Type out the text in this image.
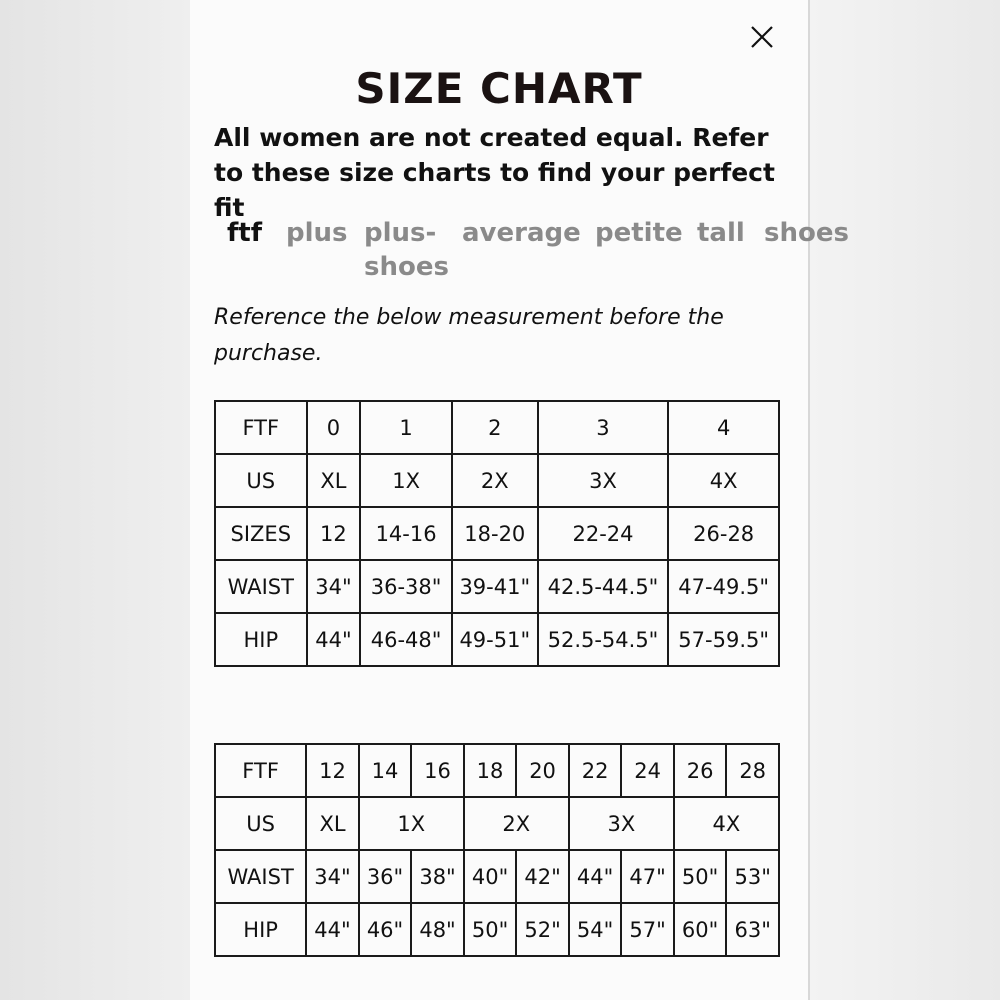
SIZE CHART
All women are not created equal. Refer to these size charts to find your perfect fit
ftf plus plus-
shoes
average petite tall shoes
Reference the below measurement before the purchase.
FTF	0	1	2	3	4
US	XL	1X	2X	3X	4X
SIZES	12	14-16	18-20	22-24	26-28
WAIST	34"	36-38"	39-41"	42.5-44.5"	47-49.5"
HIP	44"	46-48"	49-51"	52.5-54.5"	57-59.5"
FTF	12	14	16	18	20	22	24	26	28
US	XL	1X		2X		3X		4X	
WAIST	34"	36"	38"	40"	42"	44"	47"	50"	53"
HIP	44"	46"	48"	50"	52"	54"	57"	60"	63"
